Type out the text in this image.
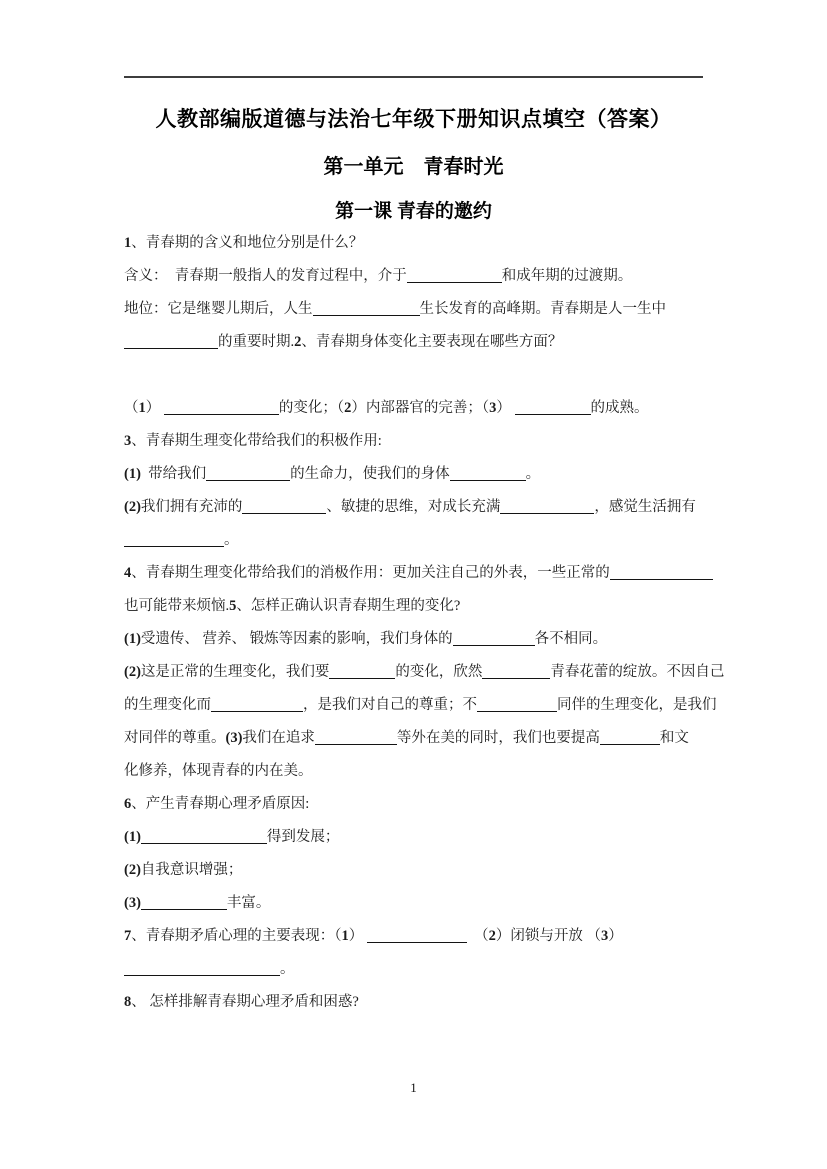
人教部编版道德与法治七年级下册知识点填空（答案）
第一单元　青春时光
第一课 青春的邀约
1、青春期的含义和地位分别是什么？
含义：  青春期一般指人的发育过程中，介于	和成年期的过渡期。
地位：它是继婴儿期后，人生	生长发育的高峰期。青春期是人一生中
的重要时期.2、青春期身体变化主要表现在哪些方面？
（1）	的变化；（2）内部器官的完善；（3）	的成熟。
3、青春期生理变化带给我们的积极作用:
(1)  带给我们	的生命力，使我们的身体	。
(2)我们拥有充沛的	、敏捷的思维，对成长充满	，感觉生活拥有
。
4、青春期生理变化带给我们的消极作用：更加关注自己的外表，一些正常的
也可能带来烦恼.5、怎样正确认识青春期生理的变化?
(1)受遗传、 营养、 锻炼等因素的影响，我们身体的	各不相同。
(2)这是正常的生理变化，我们要	的变化，欣然	青春花蕾的绽放。不因自己
的生理变化而	，是我们对自己的尊重；不	同伴的生理变化，是我们
对同伴的尊重。(3)我们在追求	等外在美的同时，我们也要提高	和文
化修养，体现青春的内在美。
6、产生青春期心理矛盾原因:
(1)	得到发展；
(2)自我意识增强；
(3)	丰富。
7、青春期矛盾心理的主要表现：（1）	（2）闭锁与开放 （3）
。
8、 怎样排解青春期心理矛盾和困惑?
1
